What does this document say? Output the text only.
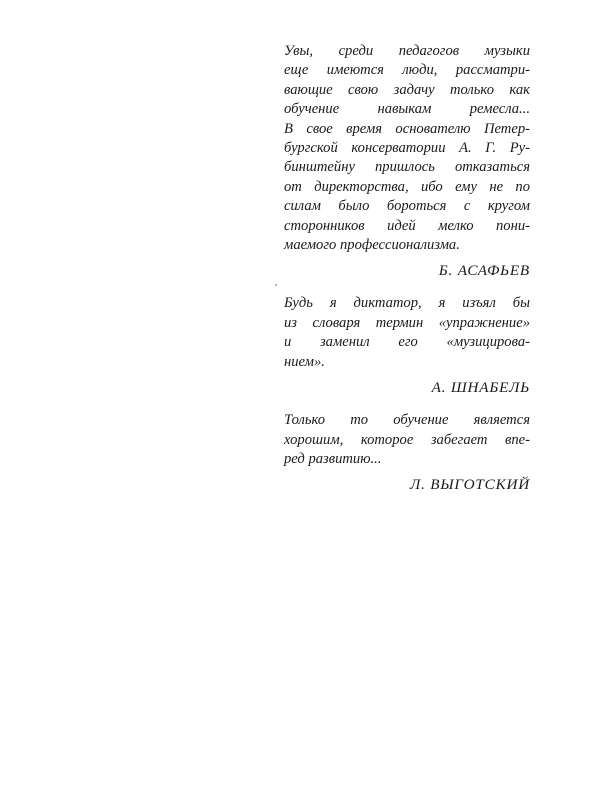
Увы, среди педагогов музыки
еще имеются люди, рассматри-
вающие свою задачу только как
обучение навыкам ремесла...
В свое время основателю Петер-
бургской консерватории А. Г. Ру-
бинштейну пришлось отказаться
от директорства, ибо ему не по
силам было бороться с кругом
сторонников идей мелко пони-
маемого профессионализма.

Б. АСАФЬЕВ

Будь я диктатор, я изъял бы
из словаря термин «упражнение»
и заменил его «музицирова-
нием».

А. ШНАБЕЛЬ

Только то обучение является
хорошим, которое забегает впе-
ред развитию...

Л. ВЫГОТСКИЙ

′
